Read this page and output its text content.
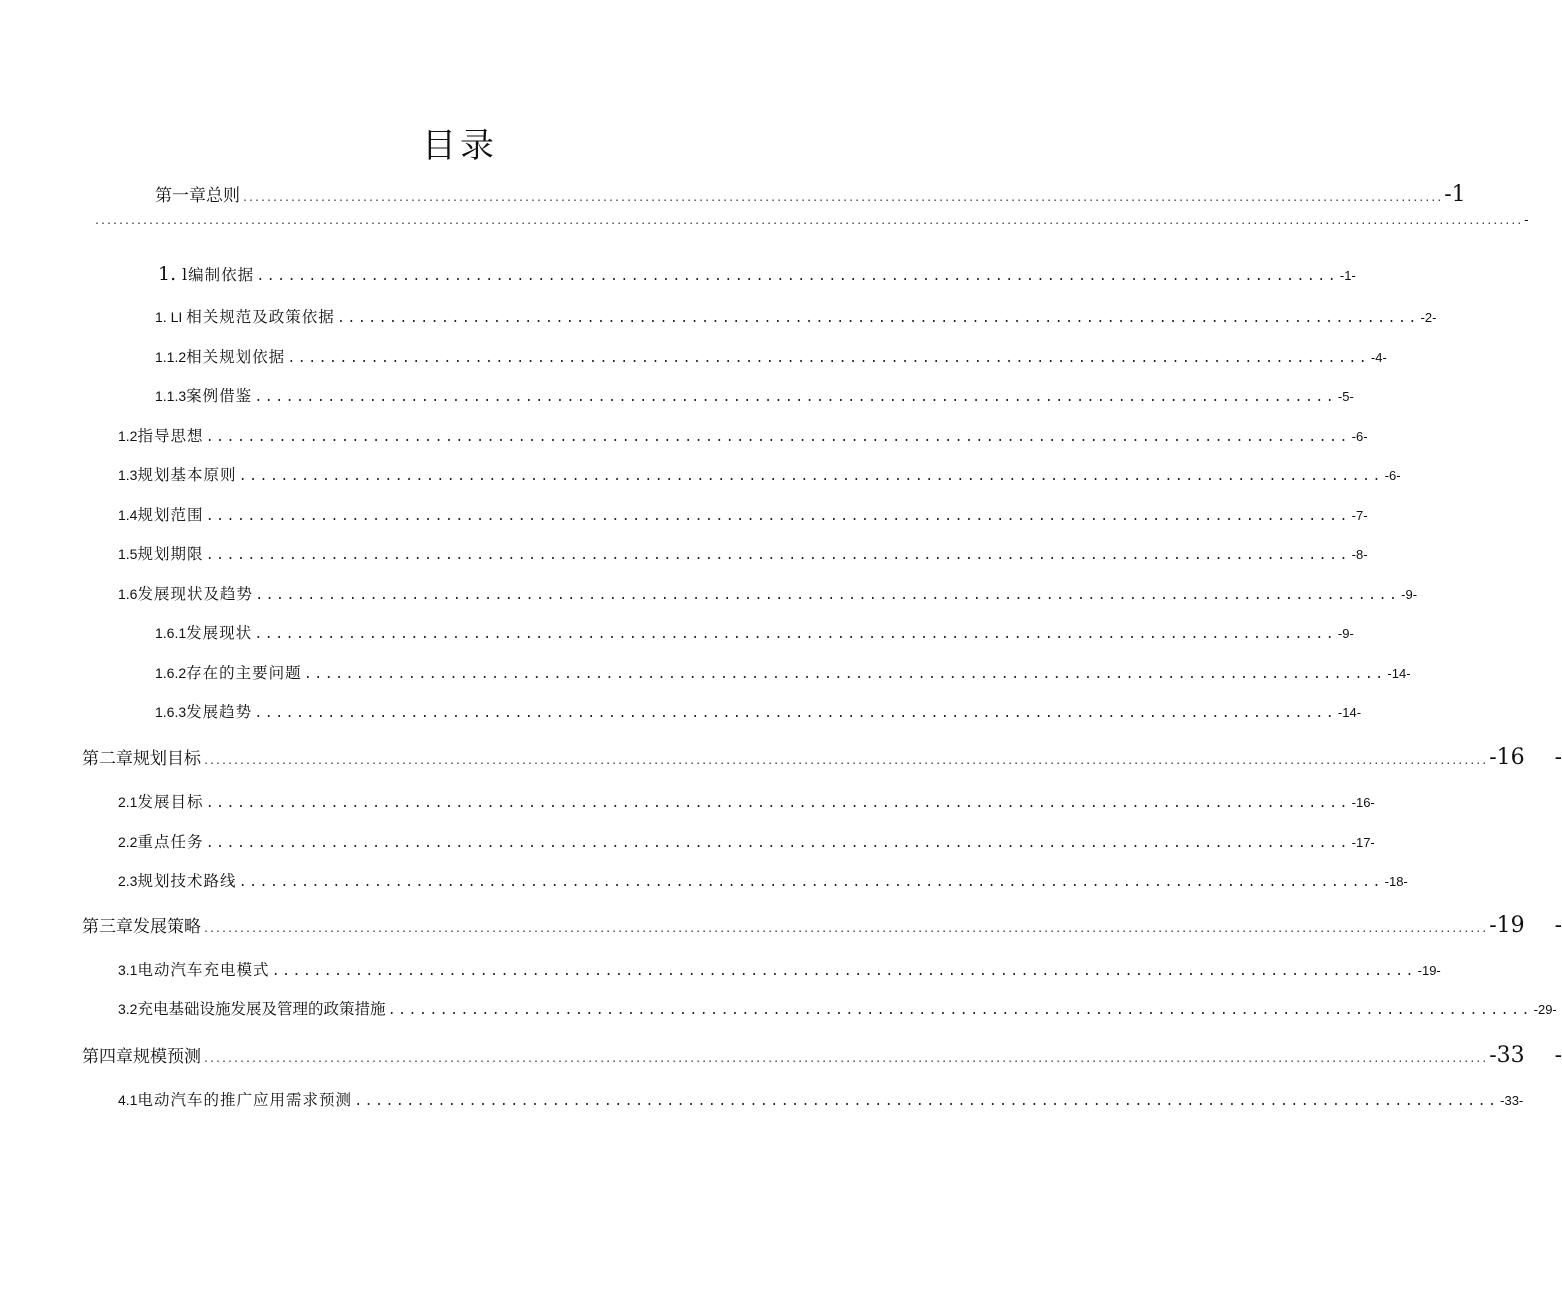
目录
第一章总则 ........................................................................................................................................................................................................ -1
.............................................................................................................................................................................................................................................. -
1. l编制依据 ........................................................................................................ -1-
1. LI 相关规范及政策依据 ........................................................................................................ -2-
1.1.2 相关规划依据 ........................................................................................................ -4-
1.1.3 案例借鉴 ........................................................................................................ -5-
1.2 指导思想 .............................................................................................................. -6-
1.3 规划基本原则 .............................................................................................................. -6-
1.4 规划范围 .............................................................................................................. -7-
1.5 规划期限 .............................................................................................................. -8-
1.6 发展现状及趋势 .............................................................................................................. -9-
1.6.1 发展现状 ........................................................................................................ -9-
1.6.2 存在的主要问题 ........................................................................................................ -14-
1.6.3 发展趋势 ........................................................................................................ -14-
第二章规划目标 ...................................................................................................................................................................................................................... -16 -
2.1 发展目标 .............................................................................................................. -16-
2.2 重点任务 .............................................................................................................. -17-
2.3 规划技术路线 .............................................................................................................. -18-
第三章发展策略 ...................................................................................................................................................................................................................... -19 -
3.1 电动汽车充电模式 .............................................................................................................. -19-
3.2 充电基础设施发展及管理的政策措施 .............................................................................................................. -29-
第四章规模预测 ...................................................................................................................................................................................................................... -33 -
4.1 电动汽车的推广应用需求预测 .............................................................................................................. -33-
